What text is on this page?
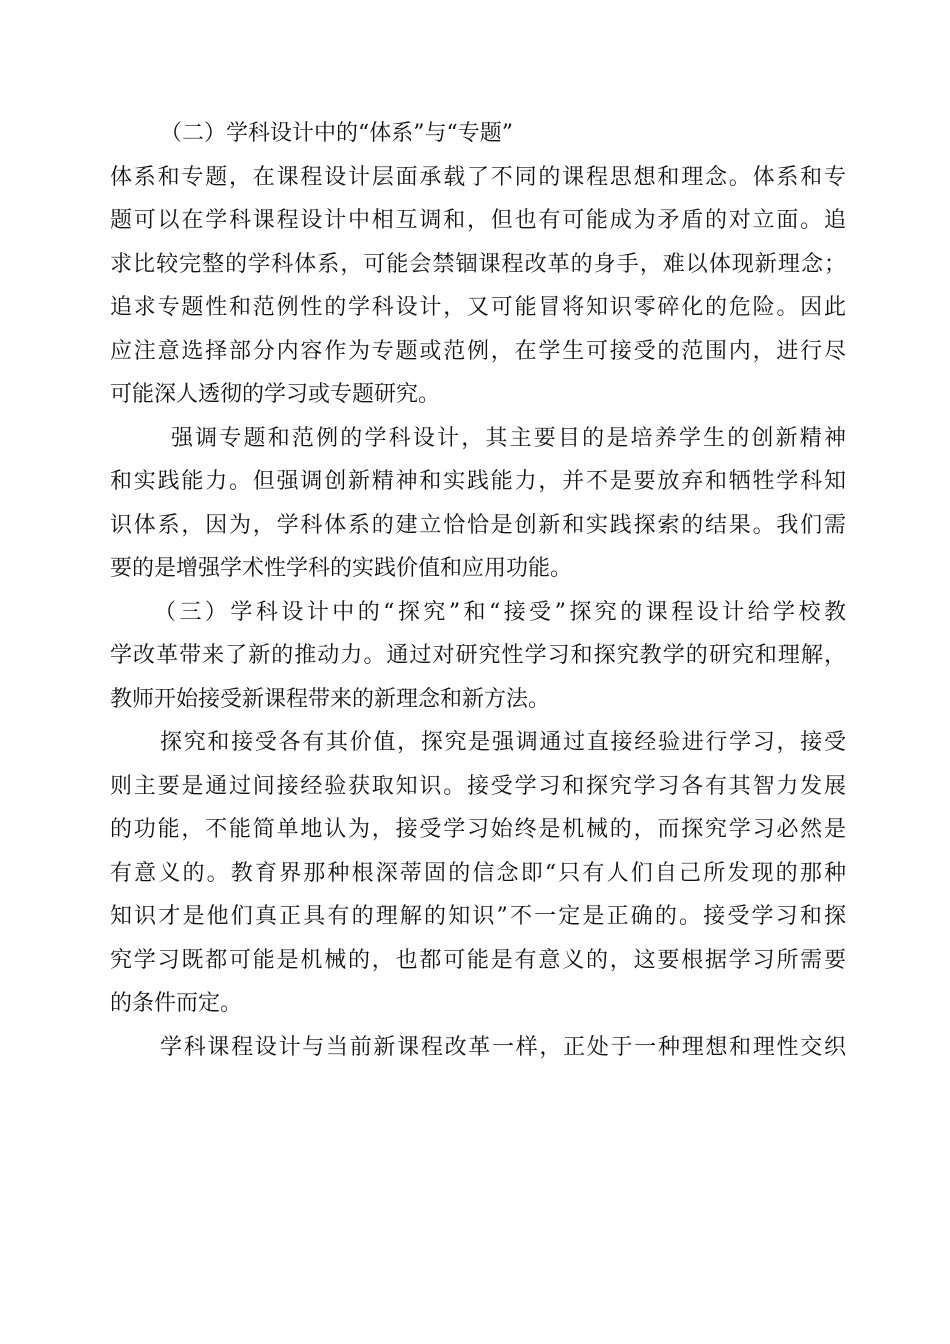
（二）学科设计中的“体系”与“专题”
体系和专题，在课程设计层面承载了不同的课程思想和理念。体系和专
题可以在学科课程设计中相互调和，但也有可能成为矛盾的对立面。追
求比较完整的学科体系，可能会禁锢课程改革的身手，难以体现新理念；
追求专题性和范例性的学科设计，又可能冒将知识零碎化的危险。因此
应注意选择部分内容作为专题或范例，在学生可接受的范围内，进行尽
可能深人透彻的学习或专题研究。
强调专题和范例的学科设计，其主要目的是培养学生的创新精神
和实践能力。但强调创新精神和实践能力，并不是要放弃和牺牲学科知
识体系，因为，学科体系的建立恰恰是创新和实践探索的结果。我们需
要的是增强学术性学科的实践价值和应用功能。
（三）学科设计中的“探究”和“接受”探究的课程设计给学校教
学改革带来了新的推动力。通过对研究性学习和探究教学的研究和理解，
教师开始接受新课程带来的新理念和新方法。
探究和接受各有其价值，探究是强调通过直接经验进行学习，接受
则主要是通过间接经验获取知识。接受学习和探究学习各有其智力发展
的功能，不能简单地认为，接受学习始终是机械的，而探究学习必然是
有意义的。教育界那种根深蒂固的信念即“只有人们自己所发现的那种
知识才是他们真正具有的理解的知识”不一定是正确的。接受学习和探
究学习既都可能是机械的，也都可能是有意义的，这要根据学习所需要
的条件而定。
学科课程设计与当前新课程改革一样，正处于一种理想和理性交织
